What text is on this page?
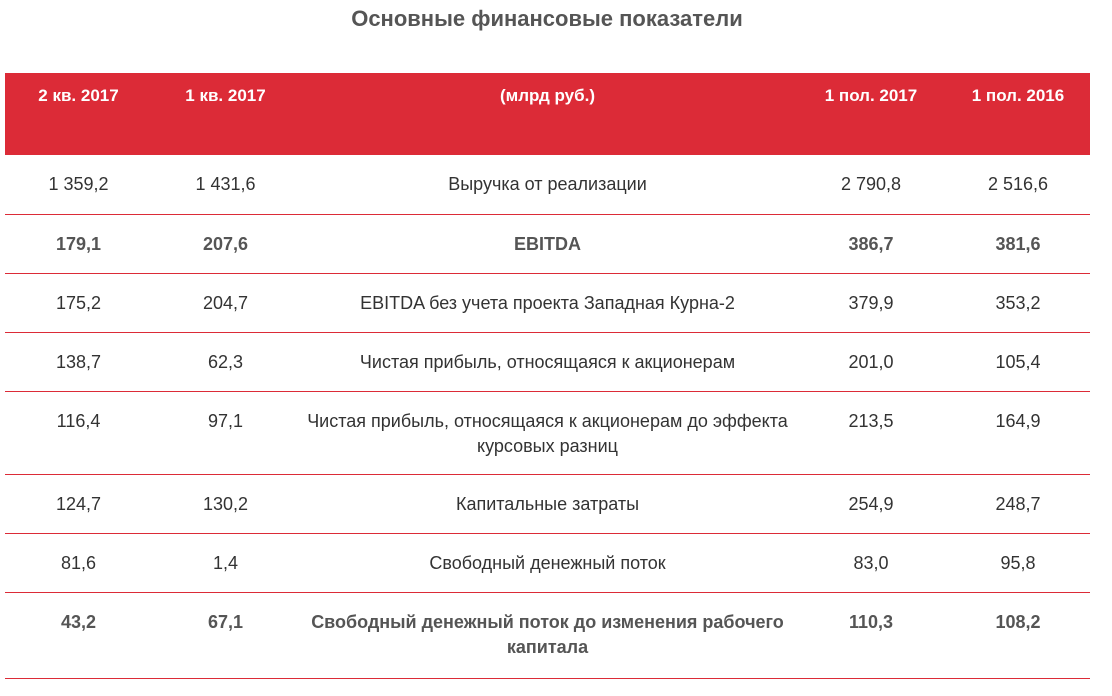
Основные финансовые показатели
2 кв. 2017	1 кв. 2017	(млрд руб.)	1 пол. 2017	1 пол. 2016
1 359,2	1 431,6	Выручка от реализации	2 790,8	2 516,6
179,1	207,6	EBITDA	386,7	381,6
175,2	204,7	EBITDA без учета проекта Западная Курна-2	379,9	353,2
138,7	62,3	Чистая прибыль, относящаяся к акционерам	201,0	105,4
116,4	97,1	Чистая прибыль, относящаяся к акционерам до эффекта курсовых разниц	213,5	164,9
124,7	130,2	Капитальные затраты	254,9	248,7
81,6	1,4	Свободный денежный поток	83,0	95,8
43,2	67,1	Свободный денежный поток до изменения рабочего капитала	110,3	108,2
